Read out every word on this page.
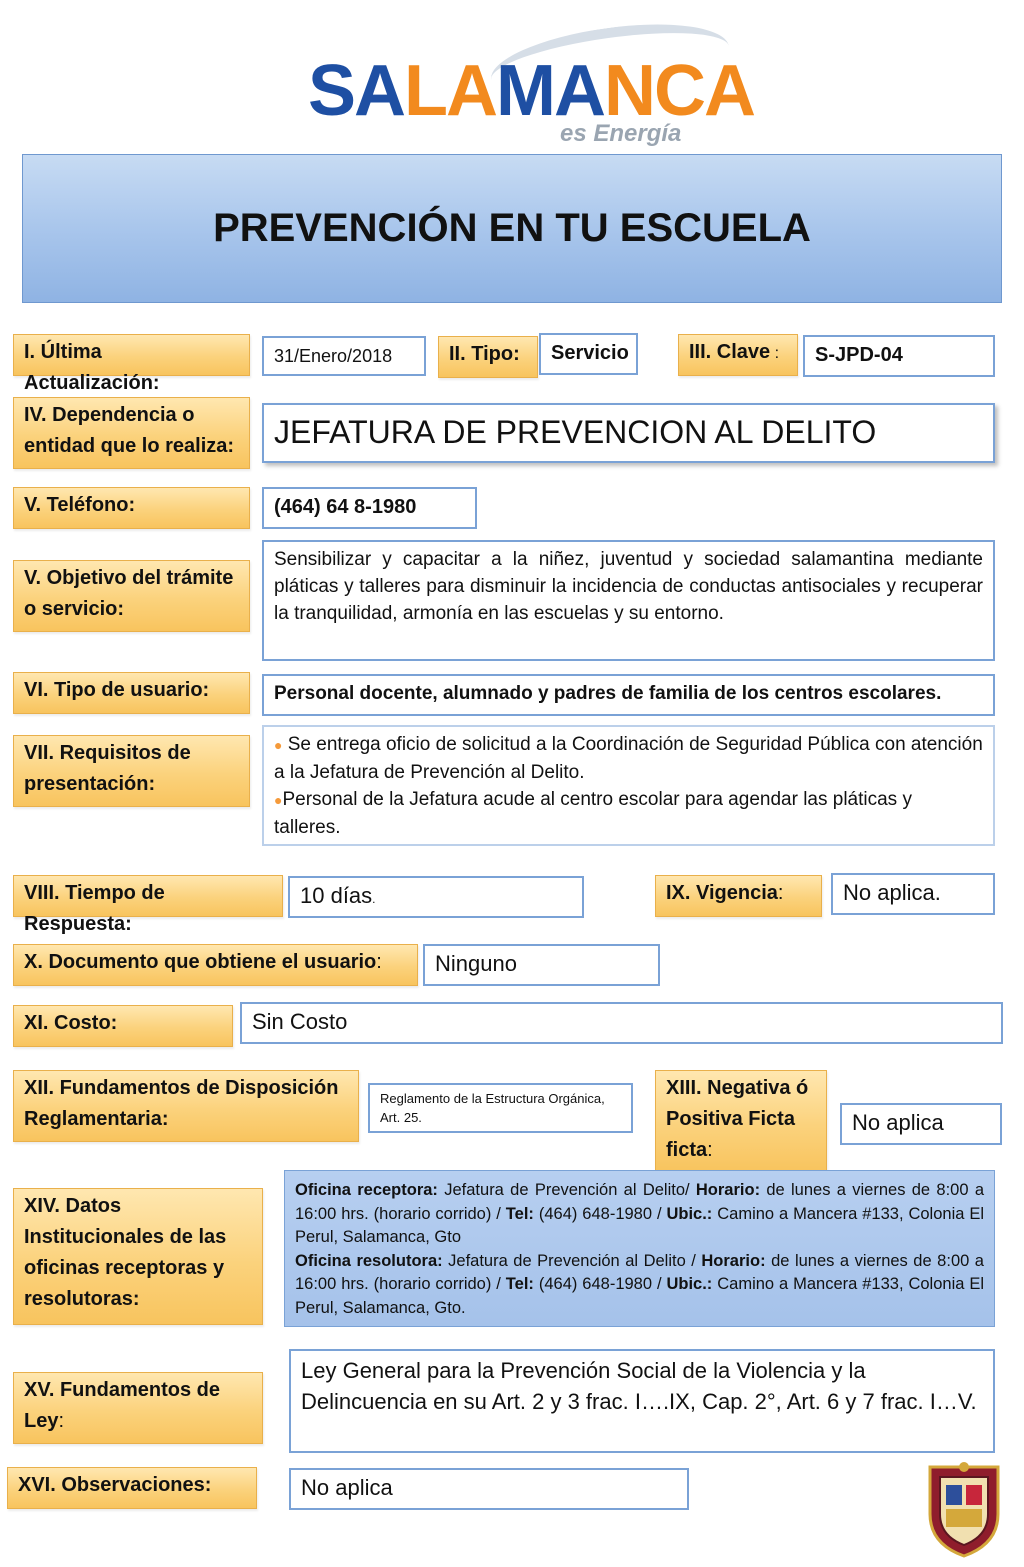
SALAMANCA
es Energía
PREVENCIÓN EN TU ESCUELA
I. Última Actualización:
31/Enero/2018	II. Tipo:	Servicio	III. Clave :	S-JPD-04
IV. Dependencia o entidad que lo realiza:	JEFATURA DE PREVENCION AL DELITO
V. Teléfono:	(464) 64 8-1980
V. Objetivo del trámite o servicio:
Sensibilizar y capacitar a la niñez, juventud y sociedad salamantina mediante pláticas y talleres para disminuir la incidencia de conductas antisociales y recuperar la tranquilidad, armonía en las escuelas y su entorno.
VI. Tipo de usuario:	Personal docente, alumnado y padres de familia de los centros escolares.
VII. Requisitos de presentación:
● Se entrega oficio de solicitud a la Coordinación de Seguridad Pública con atención a la Jefatura de Prevención al Delito.
●Personal de la Jefatura acude al centro escolar para agendar las pláticas y talleres.
VIII. Tiempo de Respuesta:
10 días.	IX. Vigencia:	No aplica.
X. Documento que obtiene el usuario:	Ninguno
XI. Costo:	Sin Costo
XII. Fundamentos de Disposición Reglamentaria:
Reglamento de la Estructura Orgánica, Art. 25.
XIII. Negativa ó Positiva Ficta ficta:
No aplica
XIV. Datos Institucionales de las oficinas receptoras y resolutoras:
Oficina receptora: Jefatura de Prevención al Delito/ Horario: de lunes a viernes de 8:00 a 16:00 hrs. (horario corrido) / Tel: (464) 648-1980 / Ubic.: Camino a Mancera #133, Colonia El Perul, Salamanca, Gto
Oficina resolutora: Jefatura de Prevención al Delito / Horario: de lunes a viernes de 8:00 a 16:00 hrs. (horario corrido) / Tel: (464) 648-1980 / Ubic.: Camino a Mancera #133, Colonia El Perul, Salamanca, Gto.
XV. Fundamentos de Ley:
Ley General para la Prevención Social de la Violencia y la Delincuencia en su Art. 2 y 3 frac. I….IX, Cap. 2°, Art. 6 y 7 frac. I…V.
XVI. Observaciones:	No aplica
